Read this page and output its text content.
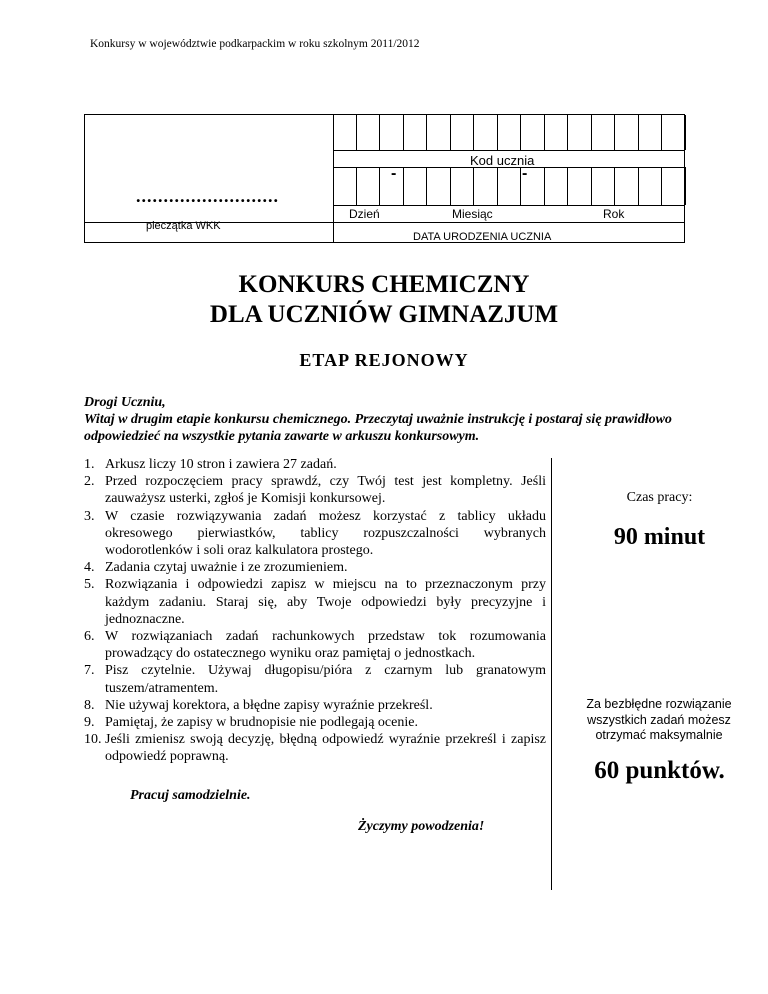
Konkursy w województwie podkarpackim w roku szkolnym 2011/2012
..........................
pieczątka WKK
Kod ucznia
-	-
Dzień	Miesiąc	Rok
DATA URODZENIA UCZNIA
KONKURS CHEMICZNY
DLA UCZNIÓW GIMNAZJUM
ETAP REJONOWY
Drogi Uczniu,
Witaj w drugim etapie konkursu chemicznego. Przeczytaj uważnie instrukcję i postaraj się prawidłowo odpowiedzieć na wszystkie pytania zawarte w arkuszu konkursowym.
1. Arkusz liczy 10 stron i zawiera 27 zadań.
2. Przed rozpoczęciem pracy sprawdź, czy Twój test jest kompletny. Jeśli zauważysz usterki, zgłoś je Komisji konkursowej.
3. W czasie rozwiązywania zadań możesz korzystać z tablicy układu okresowego pierwiastków, tablicy rozpuszczalności wybranych wodorotlenków i soli oraz kalkulatora prostego.
4. Zadania czytaj uważnie i ze zrozumieniem.
5. Rozwiązania i odpowiedzi zapisz w miejscu na to przeznaczonym przy każdym zadaniu. Staraj się, aby Twoje odpowiedzi były precyzyjne i jednoznaczne.
6. W rozwiązaniach zadań rachunkowych przedstaw tok rozumowania prowadzący do ostatecznego wyniku oraz pamiętaj o jednostkach.
7. Pisz czytelnie. Używaj długopisu/pióra z czarnym lub granatowym tuszem/atramentem.
8. Nie używaj korektora, a błędne zapisy wyraźnie przekreśl.
9. Pamiętaj, że zapisy w brudnopisie nie podlegają ocenie.
10. Jeśli zmienisz swoją decyzję, błędną odpowiedź wyraźnie przekreśl i zapisz odpowiedź poprawną.
Czas pracy:
90 minut
Za bezbłędne rozwiązanie wszystkich zadań możesz otrzymać maksymalnie
60 punktów.
Pracuj samodzielnie.
Życzymy powodzenia!
